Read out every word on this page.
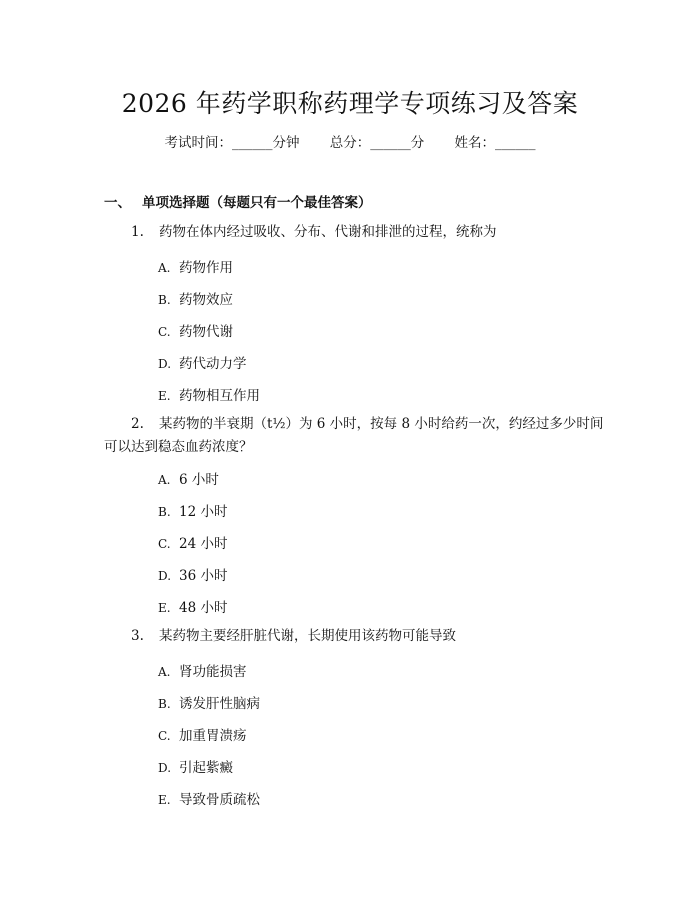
2026 年药学职称药理学专项练习及答案
考试时间：______分钟 总分：______分 姓名：______
一、 单项选择题（每题只有一个最佳答案）
1. 药物在体内经过吸收、分布、代谢和排泄的过程，统称为
A. 药物作用
B. 药物效应
C. 药物代谢
D. 药代动力学
E. 药物相互作用
2. 某药物的半衰期（t½）为 6 小时，按每 8 小时给药一次，约经过多少时间可以达到稳态血药浓度？
A. 6 小时
B. 12 小时
C. 24 小时
D. 36 小时
E. 48 小时
3. 某药物主要经肝脏代谢，长期使用该药物可能导致
A. 肾功能损害
B. 诱发肝性脑病
C. 加重胃溃疡
D. 引起紫癜
E. 导致骨质疏松
